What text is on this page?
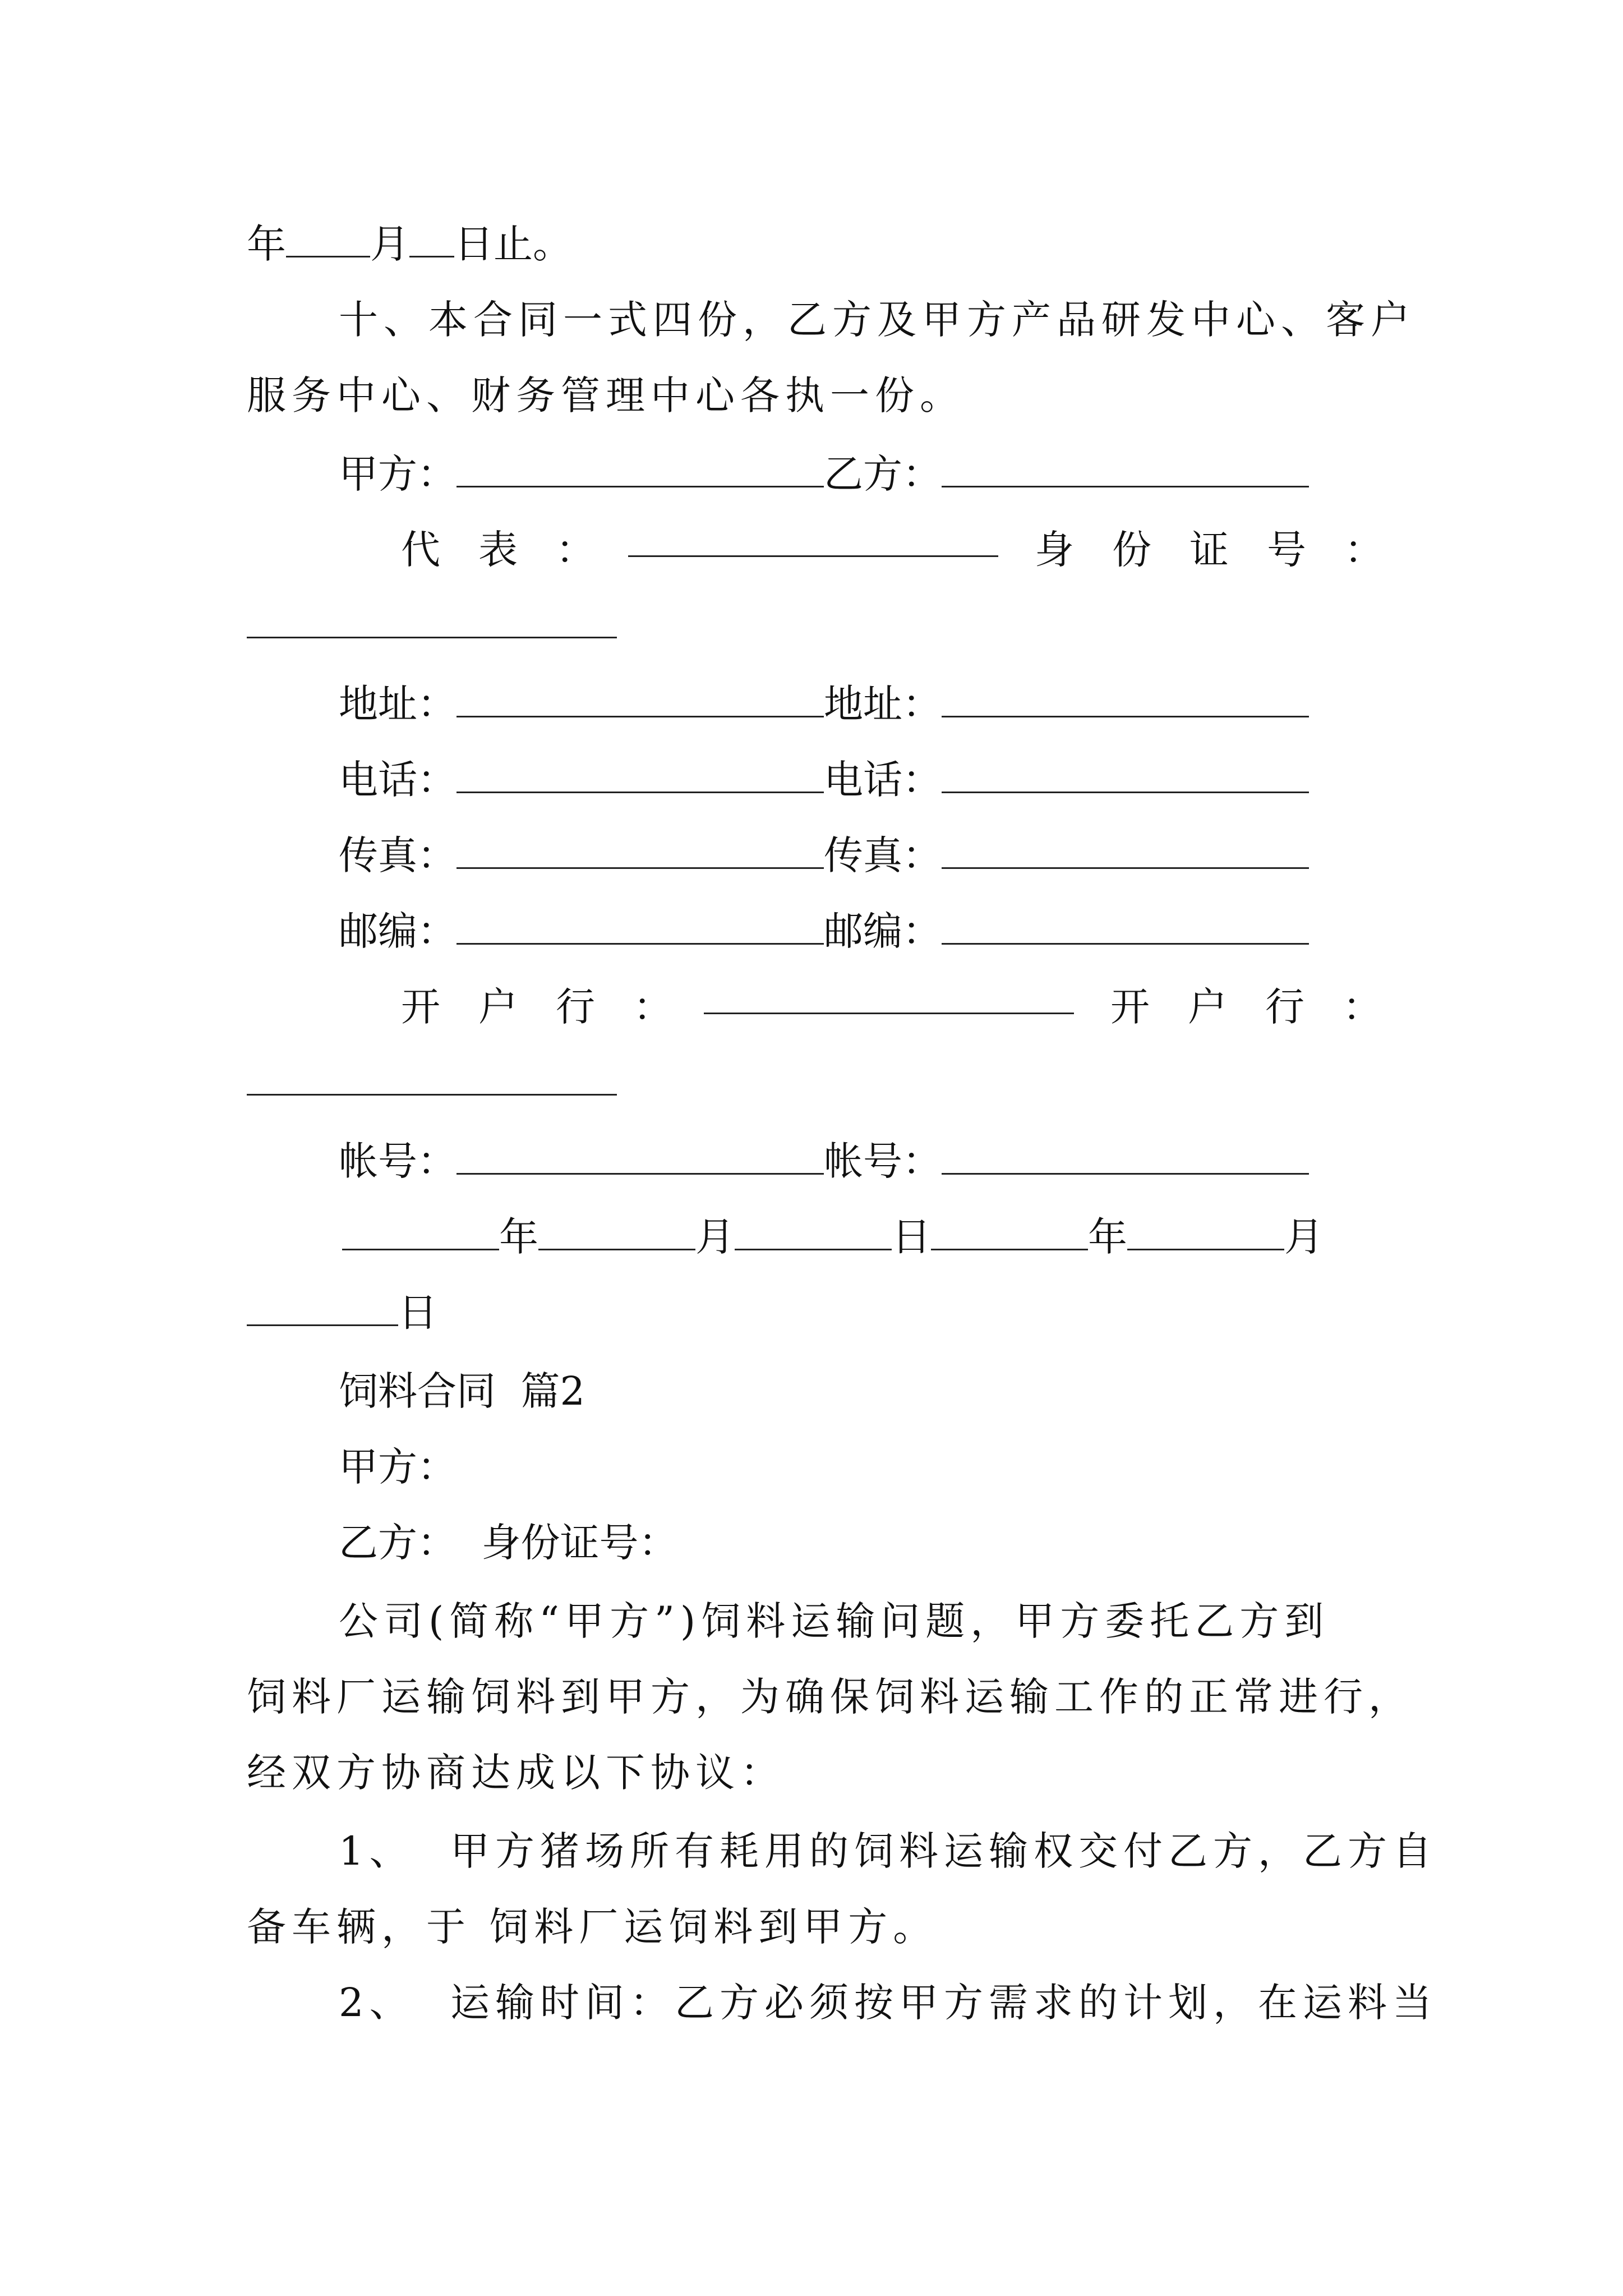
年 月 日止。
十、本合同一式四份，乙方及甲方产品研发中心、客户
服务中心、财务管理中心各执一份。
甲方：	乙方：
代表：	身份证号：
地址：	地址：
电话：	电话：
传真：	传真：
邮编：	邮编：
开户行：	开户行：
帐号：	帐号：
年	月	日	年	月
日
饲料合同  篇2
甲方：
乙方：  身份证号：
公司(简称“甲方”)饲料运输问题，甲方委托乙方到
饲料厂运输饲料到甲方，为确保饲料运输工作的正常进行，
经双方协商达成以下协议：
1、  甲方猪场所有耗用的饲料运输权交付乙方，乙方自
备车辆，于 饲料厂运饲料到甲方。
2、  运输时间：乙方必须按甲方需求的计划，在运料当
